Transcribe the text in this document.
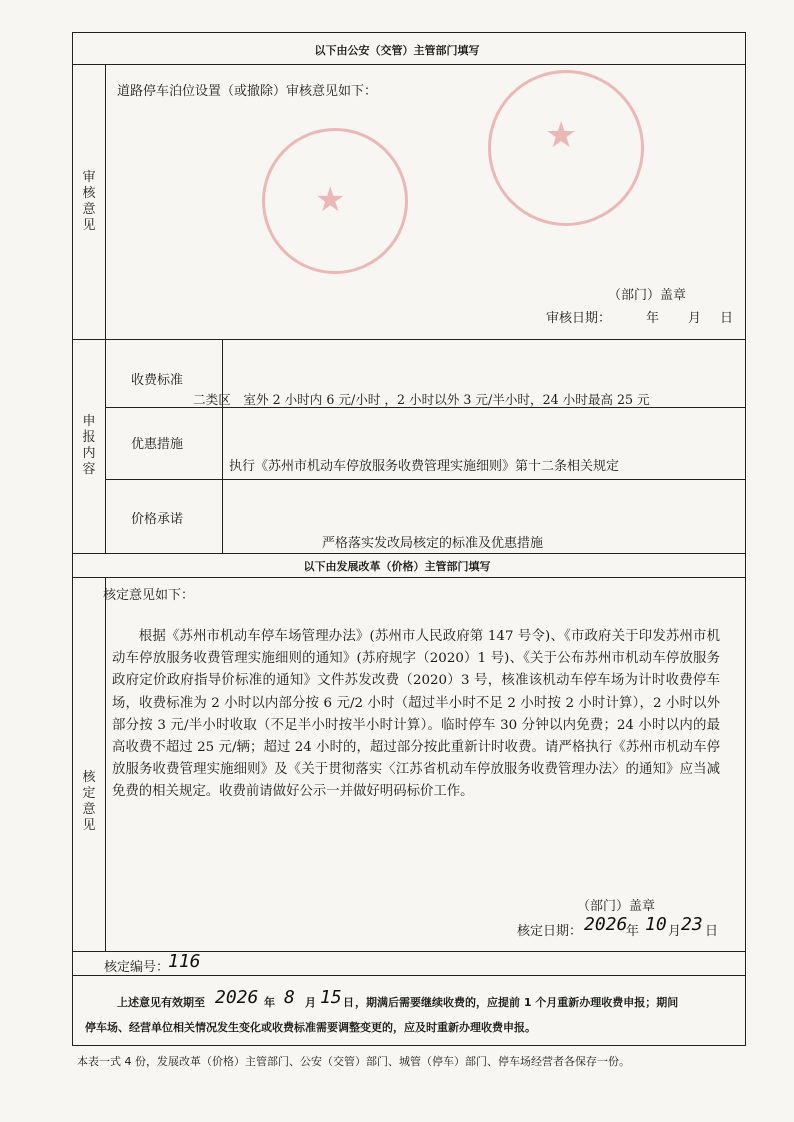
★
★
以下由公安（交管）主管部门填写
审核意见
道路停车泊位设置（或撤除）审核意见如下：
（部门）盖章
审核日期：	年 月 日
申报内容
收费标准
二类区　室外 2 小时内 6 元/小时 ，2 小时以外 3 元/半小时，24 小时最高 25 元
优惠措施
执行《苏州市机动车停放服务收费管理实施细则》第十二条相关规定
价格承诺
严格落实发改局核定的标准及优惠措施
以下由发展改革（价格）主管部门填写
核定意见
核定意见如下：
根据《苏州市机动车停车场管理办法》(苏州市人民政府第 147 号令)、《市政府关于印发苏州市机动车停放服务收费管理实施细则的通知》(苏府规字（2020）1 号)、《关于公布苏州市机动车停放服务政府定价政府指导价标准的通知》文件苏发改费（2020）3 号，核准该机动车停车场为计时收费停车场，收费标准为 2 小时以内部分按 6 元/2 小时（超过半小时不足 2 小时按 2 小时计算），2 小时以外部分按 3 元/半小时收取（不足半小时按半小时计算）。临时停车 30 分钟以内免费；24 小时以内的最高收费不超过 25 元/辆；超过 24 小时的，超过部分按此重新计时收费。请严格执行《苏州市机动车停放服务收费管理实施细则》及《关于贯彻落实〈江苏省机动车停放服务收费管理办法〉的通知》应当减免费的相关规定。收费前请做好公示一并做好明码标价工作。
（部门）盖章
核定日期： 2026
年 10 月 23 日
核定编号：
116
上述意见有效期至 2026 年 8 月 15 日 ，期满后需要继续收费的，应提前 1 个月重新办理收费申报；期间
停车场、经营单位相关情况发生变化或收费标准需要调整变更的，应及时重新办理收费申报。
本表一式 4 份，发展改革（价格）主管部门、公安（交管）部门、城管（停车）部门、停车场经营者各保存一份。
